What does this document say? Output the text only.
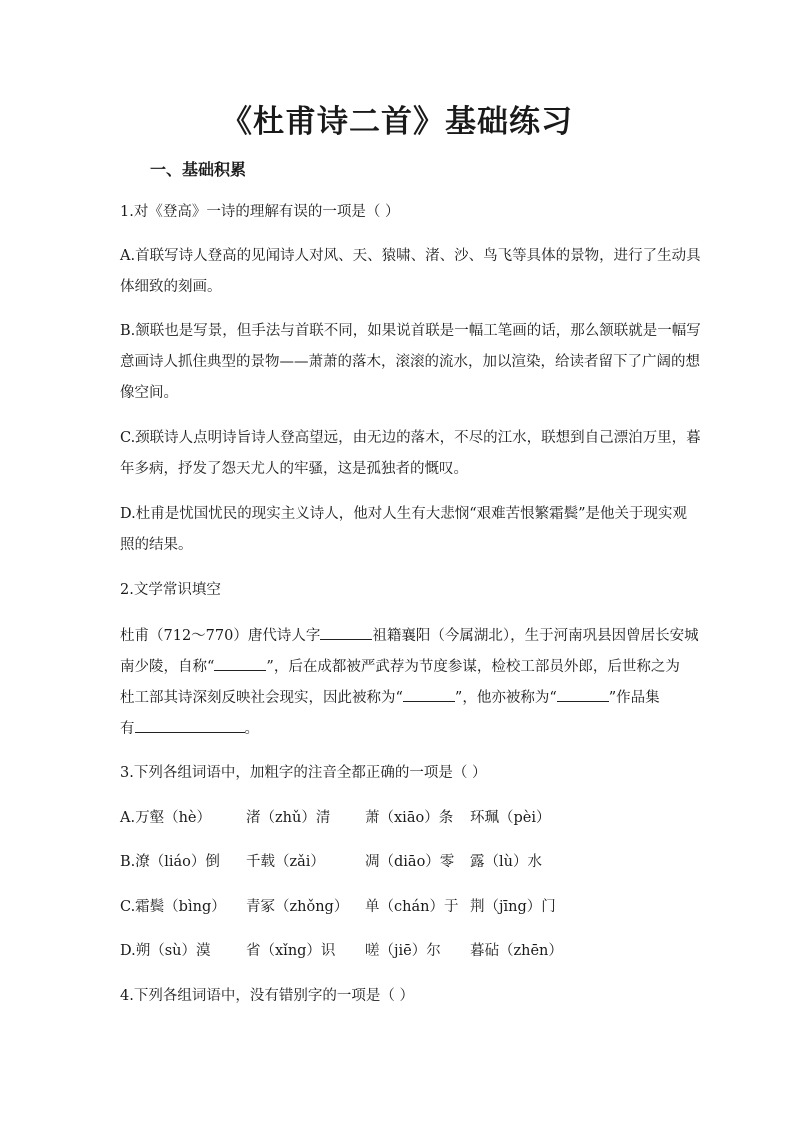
《杜甫诗二首》基础练习
一、基础积累
1.对《登高》一诗的理解有误的一项是（ ）
A.首联写诗人登高的见闻诗人对风、天、猿啸、渚、沙、鸟飞等具体的景物，进行了生动具
体细致的刻画。
B.颔联也是写景，但手法与首联不同，如果说首联是一幅工笔画的话，那么颔联就是一幅写
意画诗人抓住典型的景物——萧萧的落木，滚滚的流水，加以渲染，给读者留下了广阔的想
像空间。
C.颈联诗人点明诗旨诗人登高望远，由无边的落木，不尽的江水，联想到自己漂泊万里，暮
年多病，抒发了怨天尤人的牢骚，这是孤独者的慨叹。
D.杜甫是忧国忧民的现实主义诗人，他对人生有大悲悯“艰难苦恨繁霜鬓”是他关于现实观
照的结果。
2.文学常识填空
杜甫（712～770）唐代诗人字	祖籍襄阳（今属湖北），生于河南巩县因曾居长安城
南少陵，自称“	”，后在成都被严武荐为节度参谋，检校工部员外郎，后世称之为
杜工部其诗深刻反映社会现实，因此被称为“	”，他亦被称为“	”作品集
有	。
3.下列各组词语中，加粗字的注音全都正确的一项是（ ）
A.万壑（hè） 渚（zhǔ）清 萧（xiāo）条 环珮（pèi）
B.潦（liáo）倒 千载（zǎi）	凋（diāo）零 露（lù）水
C.霜鬓（bìng） 青冢（zhǒng） 单（chán）于 荆（jīng）门
D.朔（sù）漠 省（xǐng）识 嗟（jiē）尔 暮砧（zhēn）
4.下列各组词语中，没有错别字的一项是（ ）
